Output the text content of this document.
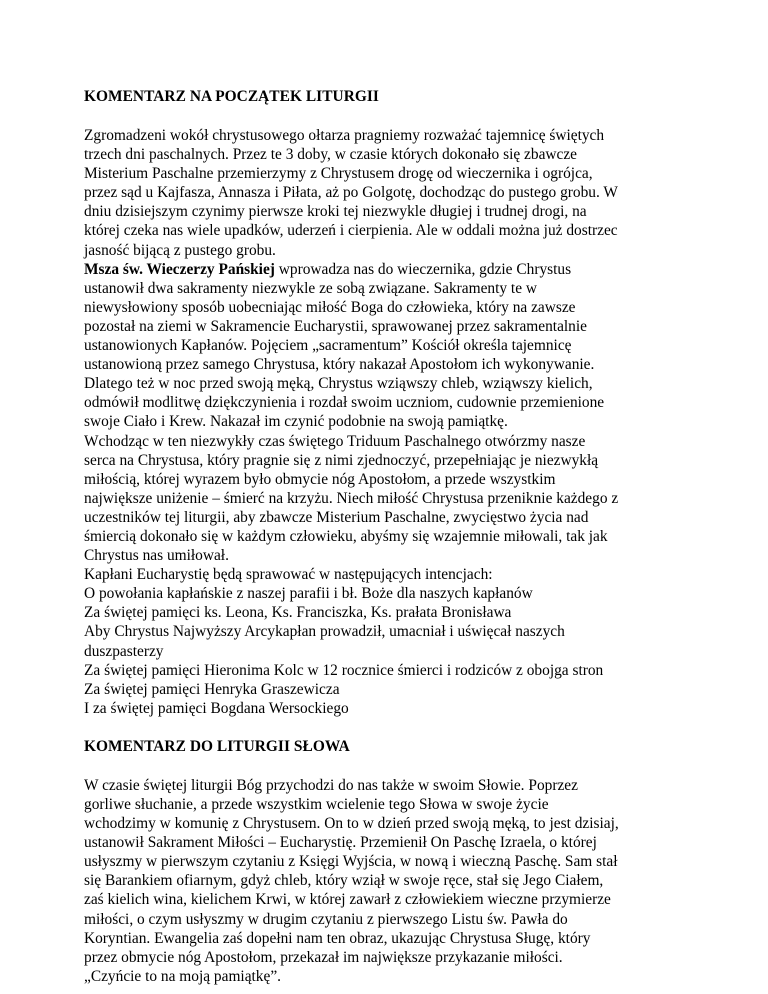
KOMENTARZ NA POCZĄTEK LITURGII
Zgromadzeni wokół chrystusowego ołtarza pragniemy rozważać tajemnicę świętych
trzech dni paschalnych. Przez te 3 doby, w czasie których dokonało się zbawcze
Misterium Paschalne przemierzymy z Chrystusem drogę od wieczernika i ogrójca,
przez sąd u Kajfasza, Annasza i Piłata, aż po Golgotę, dochodząc do pustego grobu. W
dniu dzisiejszym czynimy pierwsze kroki tej niezwykle długiej i trudnej drogi, na
której czeka nas wiele upadków, uderzeń i cierpienia. Ale w oddali można już dostrzec
jasność bijącą z pustego grobu.
Msza św. Wieczerzy Pańskiej wprowadza nas do wieczernika, gdzie Chrystus
ustanowił dwa sakramenty niezwykle ze sobą związane. Sakramenty te w
niewysłowiony sposób uobecniając miłość Boga do człowieka, który na zawsze
pozostał na ziemi w Sakramencie Eucharystii, sprawowanej przez sakramentalnie
ustanowionych Kapłanów. Pojęciem „sacramentum” Kościół określa tajemnicę
ustanowioną przez samego Chrystusa, który nakazał Apostołom ich wykonywanie.
Dlatego też w noc przed swoją męką, Chrystus wziąwszy chleb, wziąwszy kielich,
odmówił modlitwę dziękczynienia i rozdał swoim uczniom, cudownie przemienione
swoje Ciało i Krew. Nakazał im czynić podobnie na swoją pamiątkę.
Wchodząc w ten niezwykły czas świętego Triduum Paschalnego otwórzmy nasze
serca na Chrystusa, który pragnie się z nimi zjednoczyć, przepełniając je niezwykłą
miłością, której wyrazem było obmycie nóg Apostołom, a przede wszystkim
największe uniżenie – śmierć na krzyżu. Niech miłość Chrystusa przeniknie każdego z
uczestników tej liturgii, aby zbawcze Misterium Paschalne, zwycięstwo życia nad
śmiercią dokonało się w każdym człowieku, abyśmy się wzajemnie miłowali, tak jak
Chrystus nas umiłował.
Kapłani Eucharystię będą sprawować w następujących intencjach:
O powołania kapłańskie z naszej parafii i bł. Boże dla naszych kapłanów
Za świętej pamięci ks. Leona, Ks. Franciszka, Ks. prałata Bronisława
Aby Chrystus Najwyższy Arcykapłan prowadził, umacniał i uświęcał naszych
duszpasterzy
Za świętej pamięci Hieronima Kolc w 12 rocznice śmierci i rodziców z obojga stron
Za świętej pamięci Henryka Graszewicza
I za świętej pamięci Bogdana Wersockiego
KOMENTARZ DO LITURGII SŁOWA
W czasie świętej liturgii Bóg przychodzi do nas także w swoim Słowie. Poprzez
gorliwe słuchanie, a przede wszystkim wcielenie tego Słowa w swoje życie
wchodzimy w komunię z Chrystusem. On to w dzień przed swoją męką, to jest dzisiaj,
ustanowił Sakrament Miłości – Eucharystię. Przemienił On Paschę Izraela, o której
usłyszmy w pierwszym czytaniu z Księgi Wyjścia, w nową i wieczną Paschę. Sam stał
się Barankiem ofiarnym, gdyż chleb, który wziął w swoje ręce, stał się Jego Ciałem,
zaś kielich wina, kielichem Krwi, w której zawarł z człowiekiem wieczne przymierze
miłości, o czym usłyszmy w drugim czytaniu z pierwszego Listu św. Pawła do
Koryntian. Ewangelia zaś dopełni nam ten obraz, ukazując Chrystusa Sługę, który
przez obmycie nóg Apostołom, przekazał im największe przykazanie miłości.
„Czyńcie to na moją pamiątkę”.
